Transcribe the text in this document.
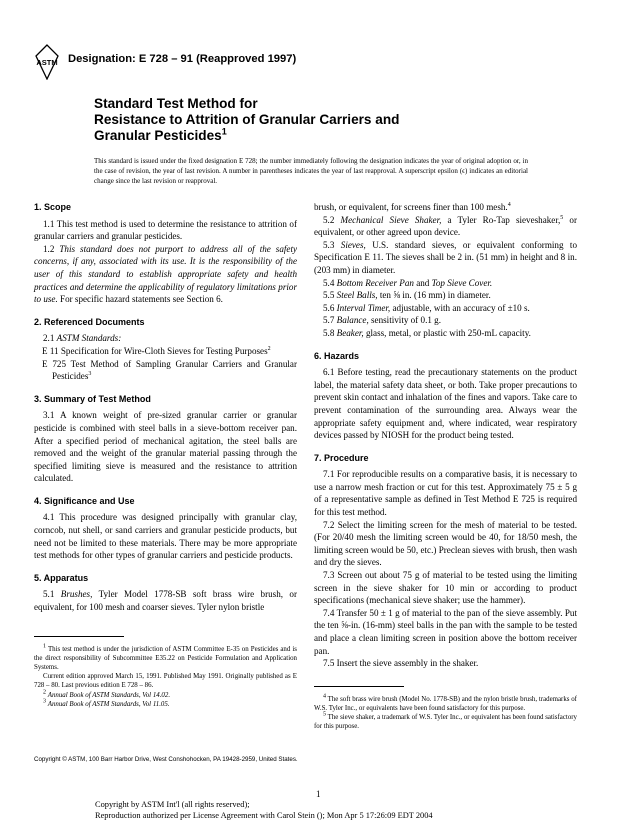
ASTM Designation: E 728 – 91 (Reapproved 1997)
Standard Test Method for
Resistance to Attrition of Granular Carriers and
Granular Pesticides$^1$
This standard is issued under the fixed designation E 728; the number immediately following the designation indicates the year of original adoption or, in the case of revision, the year of last revision. A number in parentheses indicates the year of last reapproval. A superscript epsilon (ϵ) indicates an editorial change since the last revision or reapproval.
1. Scope

1.1 This test method is used to determine the resistance to attrition of granular carriers and granular pesticides.

1.2 This standard does not purport to address all of the safety concerns, if any, associated with its use. It is the responsibility of the user of this standard to establish appropriate safety and health practices and determine the applicability of regulatory limitations prior to use. For specific hazard statements see Section 6.

2. Referenced Documents

2.1 ASTM Standards:

E 11 Specification for Wire-Cloth Sieves for Testing Purposes$^2$

E 725 Test Method of Sampling Granular Carriers and Granular Pesticides$^3$

3. Summary of Test Method

3.1 A known weight of pre-sized granular carrier or granular pesticide is combined with steel balls in a sieve-bottom receiver pan. After a specified period of mechanical agitation, the steel balls are removed and the weight of the granular material passing through the specified limiting sieve is measured and the resistance to attrition calculated.

4. Significance and Use

4.1 This procedure was designed principally with granular clay, corncob, nut shell, or sand carriers and granular pesticide products, but need not be limited to these materials. There may be more appropriate test methods for other types of granular carriers and pesticide products.

5. Apparatus

5.1 Brushes, Tyler Model 1778-SB soft brass wire brush, or equivalent, for 100 mesh and coarser sieves. Tyler nylon bristle

$^1$ This test method is under the jurisdiction of ASTM Committee E-35 on Pesticides and is the direct responsibility of Subcommittee E35.22 on Pesticide Formulation and Application Systems.

Current edition approved March 15, 1991. Published May 1991. Originally published as E 728 – 80. Last previous edition E 728 – 86.

$^2$ Annual Book of ASTM Standards, Vol 14.02.

$^3$ Annual Book of ASTM Standards, Vol 11.05.

brush, or equivalent, for screens finer than 100 mesh.$^4$

5.2 Mechanical Sieve Shaker, a Tyler Ro-Tap sieveshaker,$^5$ or equivalent, or other agreed upon device.

5.3 Sieves, U.S. standard sieves, or equivalent conforming to Specification E 11. The sieves shall be 2 in. (51 mm) in height and 8 in. (203 mm) in diameter.

5.4 Bottom Receiver Pan and Top Sieve Cover.

5.5 Steel Balls, ten ⅝ in. (16 mm) in diameter.

5.6 Interval Timer, adjustable, with an accuracy of ±10 s.

5.7 Balance, sensitivity of 0.1 g.

5.8 Beaker, glass, metal, or plastic with 250-mL capacity.

6. Hazards

6.1 Before testing, read the precautionary statements on the product label, the material safety data sheet, or both. Take proper precautions to prevent skin contact and inhalation of the fines and vapors. Take care to prevent contamination of the surrounding area. Always wear the appropriate safety equipment and, where indicated, wear respiratory devices passed by NIOSH for the product being tested.

7. Procedure

7.1 For reproducible results on a comparative basis, it is necessary to use a narrow mesh fraction or cut for this test. Approximately 75 ± 5 g of a representative sample as defined in Test Method E 725 is required for this test method.

7.2 Select the limiting screen for the mesh of material to be tested. (For 20/40 mesh the limiting screen would be 40, for 18/50 mesh, the limiting screen would be 50, etc.) Preclean sieves with brush, then wash and dry the sieves.

7.3 Screen out about 75 g of material to be tested using the limiting screen in the sieve shaker for 10 min or according to product specifications (mechanical sieve shaker; use the hammer).

7.4 Transfer 50 ± 1 g of material to the pan of the sieve assembly. Put the ten ⅝-in. (16-mm) steel balls in the pan with the sample to be tested and place a clean limiting screen in position above the bottom receiver pan.

7.5 Insert the sieve assembly in the shaker.

$^4$ The soft brass wire brush (Model No. 1778-SB) and the nylon bristle brush, trademarks of W.S. Tyler Inc., or equivalents have been found satisfactory for this purpose.

$^5$ The sieve shaker, a trademark of W.S. Tyler Inc., or equivalent has been found satisfactory for this purpose.

Copyright © ASTM, 100 Barr Harbor Drive, West Conshohocken, PA 19428-2959, United States.
1
Copyright by ASTM Int'l (all rights reserved);
Reproduction authorized per License Agreement with Carol Stein (); Mon Apr 5 17:26:09 EDT 2004
